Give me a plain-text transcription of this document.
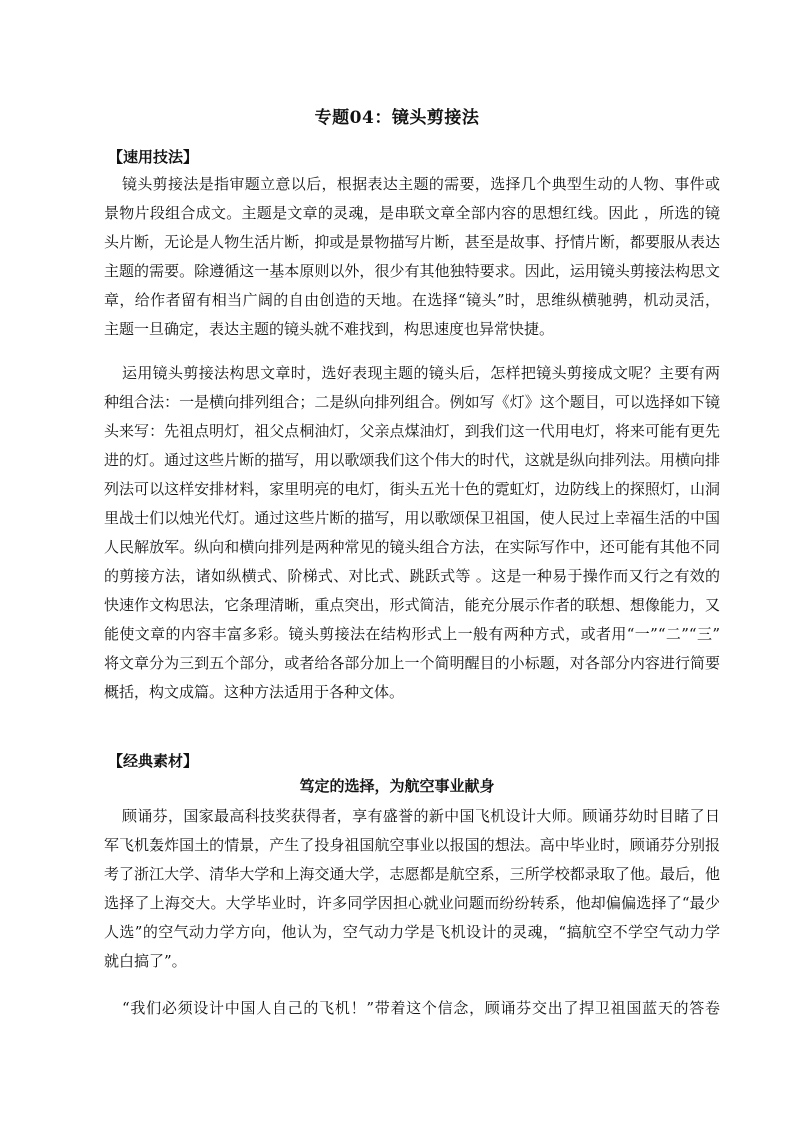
专题04：镜头剪接法
【速用技法】
镜头剪接法是指审题立意以后，根据表达主题的需要，选择几个典型生动的人物、事件或
景物片段组合成文。主题是文章的灵魂，是串联文章全部内容的思想红线。因此 ，所选的镜
头片断，无论是人物生活片断，抑或是景物描写片断，甚至是故事、抒情片断，都要服从表达
主题的需要。除遵循这一基本原则以外，很少有其他独特要求。因此，运用镜头剪接法构思文
章，给作者留有相当广阔的自由创造的天地。在选择“镜头”时，思维纵横驰骋，机动灵活，
主题一旦确定，表达主题的镜头就不难找到，构思速度也异常快捷。
运用镜头剪接法构思文章时，选好表现主题的镜头后，怎样把镜头剪接成文呢？主要有两
种组合法：一是横向排列组合；二是纵向排列组合。例如写《灯》这个题目，可以选择如下镜
头来写：先祖点明灯，祖父点桐油灯，父亲点煤油灯，到我们这一代用电灯，将来可能有更先
进的灯。通过这些片断的描写，用以歌颂我们这个伟大的时代，这就是纵向排列法。用横向排
列法可以这样安排材料，家里明亮的电灯，街头五光十色的霓虹灯，边防线上的探照灯，山洞
里战士们以烛光代灯。通过这些片断的描写，用以歌颂保卫祖国，使人民过上幸福生活的中国
人民解放军。纵向和横向排列是两种常见的镜头组合方法，在实际写作中，还可能有其他不同
的剪接方法，诸如纵横式、阶梯式、对比式、跳跃式等 。这是一种易于操作而又行之有效的
快速作文构思法，它条理清晰，重点突出，形式简洁，能充分展示作者的联想、想像能力，又
能使文章的内容丰富多彩。镜头剪接法在结构形式上一般有两种方式，或者用“一”“二”“三”
将文章分为三到五个部分，或者给各部分加上一个简明醒目的小标题，对各部分内容进行简要
概括，构文成篇。这种方法适用于各种文体。
【经典素材】
笃定的选择，为航空事业献身
顾诵芬，国家最高科技奖获得者，享有盛誉的新中国飞机设计大师。顾诵芬幼时目睹了日
军飞机轰炸国土的情景，产生了投身祖国航空事业以报国的想法。高中毕业时，顾诵芬分别报
考了浙江大学、清华大学和上海交通大学，志愿都是航空系，三所学校都录取了他。最后，他
选择了上海交大。大学毕业时，许多同学因担心就业问题而纷纷转系，他却偏偏选择了“最少
人选”的空气动力学方向，他认为，空气动力学是飞机设计的灵魂，“搞航空不学空气动力学
就白搞了”。
“我们必须设计中国人自己的飞机！”带着这个信念，顾诵芬交出了捍卫祖国蓝天的答卷
